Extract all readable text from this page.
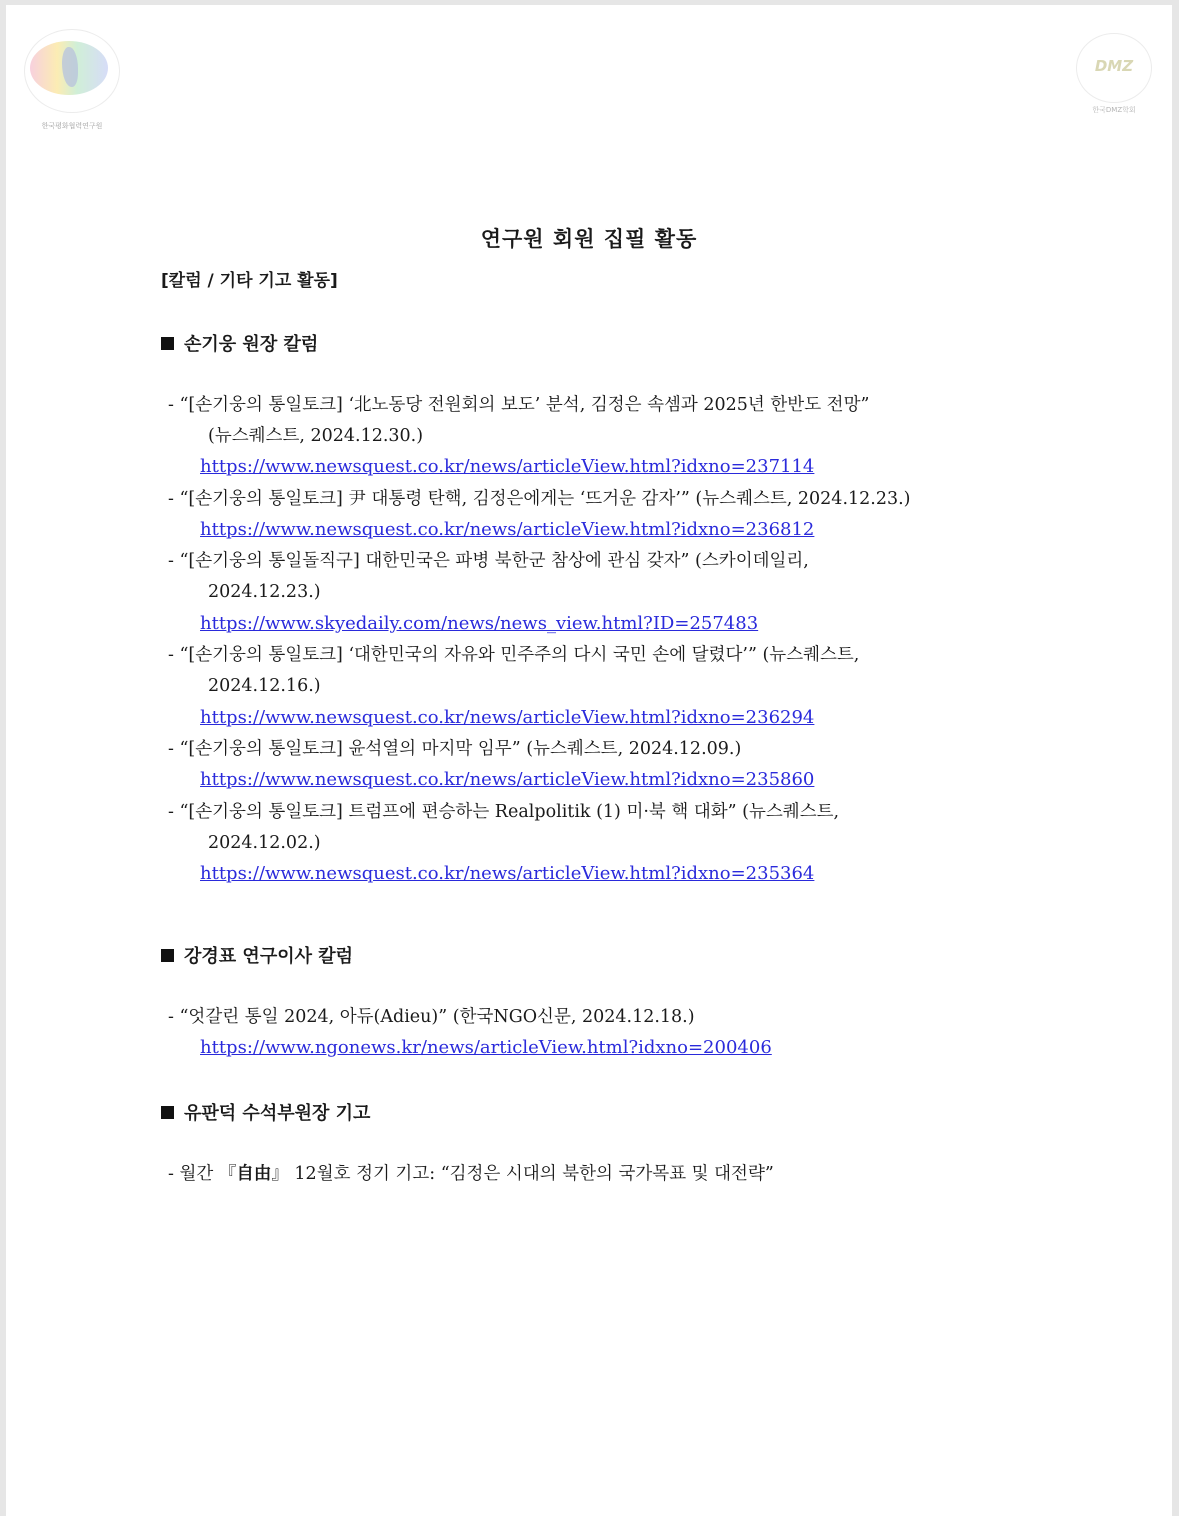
한국평화협력연구원
DMZ
한국DMZ학회
연구원 회원 집필 활동
[칼럼 / 기타 기고 활동]
손기웅 원장 칼럼
- “[손기웅의 통일토크] ‘北노동당 전원회의 보도’ 분석, 김정은 속셈과 2025년 한반도 전망”
(뉴스퀘스트, 2024.12.30.)
https://www.newsquest.co.kr/news/articleView.html?idxno=237114
- “[손기웅의 통일토크] 尹 대통령 탄핵, 김정은에게는 ‘뜨거운 감자’” (뉴스퀘스트, 2024.12.23.)
https://www.newsquest.co.kr/news/articleView.html?idxno=236812
- “[손기웅의 통일돌직구] 대한민국은 파병 북한군 참상에 관심 갖자” (스카이데일리,
2024.12.23.)
https://www.skyedaily.com/news/news_view.html?ID=257483
- “[손기웅의 통일토크] ‘대한민국의 자유와 민주주의 다시 국민 손에 달렸다’” (뉴스퀘스트,
2024.12.16.)
https://www.newsquest.co.kr/news/articleView.html?idxno=236294
- “[손기웅의 통일토크] 윤석열의 마지막 임무” (뉴스퀘스트, 2024.12.09.)
https://www.newsquest.co.kr/news/articleView.html?idxno=235860
- “[손기웅의 통일토크] 트럼프에 편승하는 Realpolitik (1) 미·북 핵 대화” (뉴스퀘스트,
2024.12.02.)
https://www.newsquest.co.kr/news/articleView.html?idxno=235364
강경표 연구이사 칼럼
- “엇갈린 통일 2024, 아듀(Adieu)” (한국NGO신문, 2024.12.18.)
https://www.ngonews.kr/news/articleView.html?idxno=200406
유판덕 수석부원장 기고
- 월간 『自由』 12월호 정기 기고: “김정은 시대의 북한의 국가목표 및 대전략”
